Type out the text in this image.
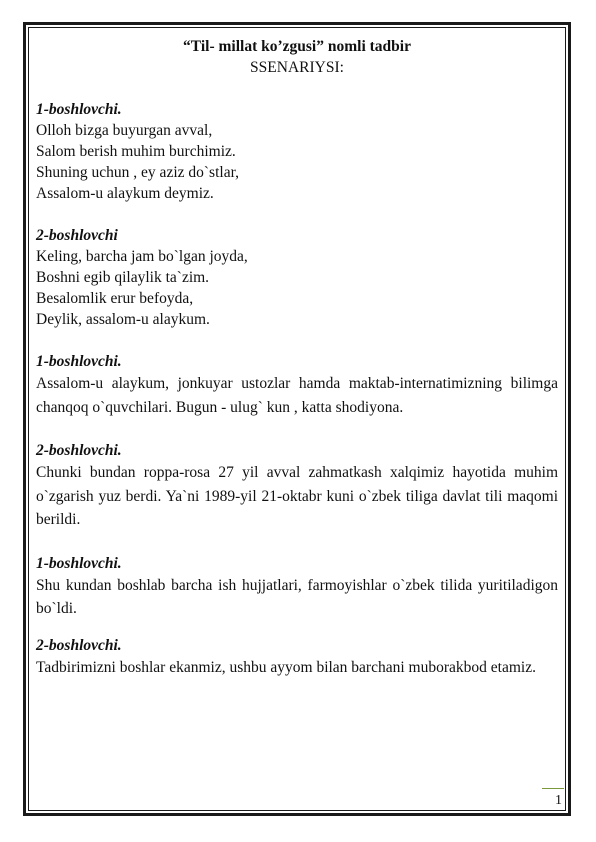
“Til- millat ko’zgusi” nomli tadbir
SSENARIYSI:
1-boshlovchi.
Olloh bizga buyurgan avval,
Salom berish muhim burchimiz.
Shuning uchun , ey aziz do`stlar,
Assalom-u alaykum deymiz.
2-boshlovchi
Keling, barcha jam bo`lgan joyda,
Boshni egib qilaylik ta`zim.
Besalomlik erur befoyda,
Deylik, assalom-u alaykum.
1-boshlovchi.
Assalom-u alaykum, jonkuyar ustozlar hamda maktab-internatimizning bilimga chanqoq o`quvchilari. Bugun - ulug` kun , katta shodiyona.
2-boshlovchi.
Chunki bundan roppa-rosa 27 yil avval zahmatkash xalqimiz hayotida muhim o`zgarish yuz berdi. Ya`ni 1989-yil 21-oktabr kuni o`zbek tiliga davlat tili maqomi berildi.
1-boshlovchi.
Shu kundan boshlab barcha ish hujjatlari, farmoyishlar o`zbek tilida yuritiladigon bo`ldi.
2-boshlovchi.
Tadbirimizni boshlar ekanmiz, ushbu ayyom bilan barchani muborakbod etamiz.
1
